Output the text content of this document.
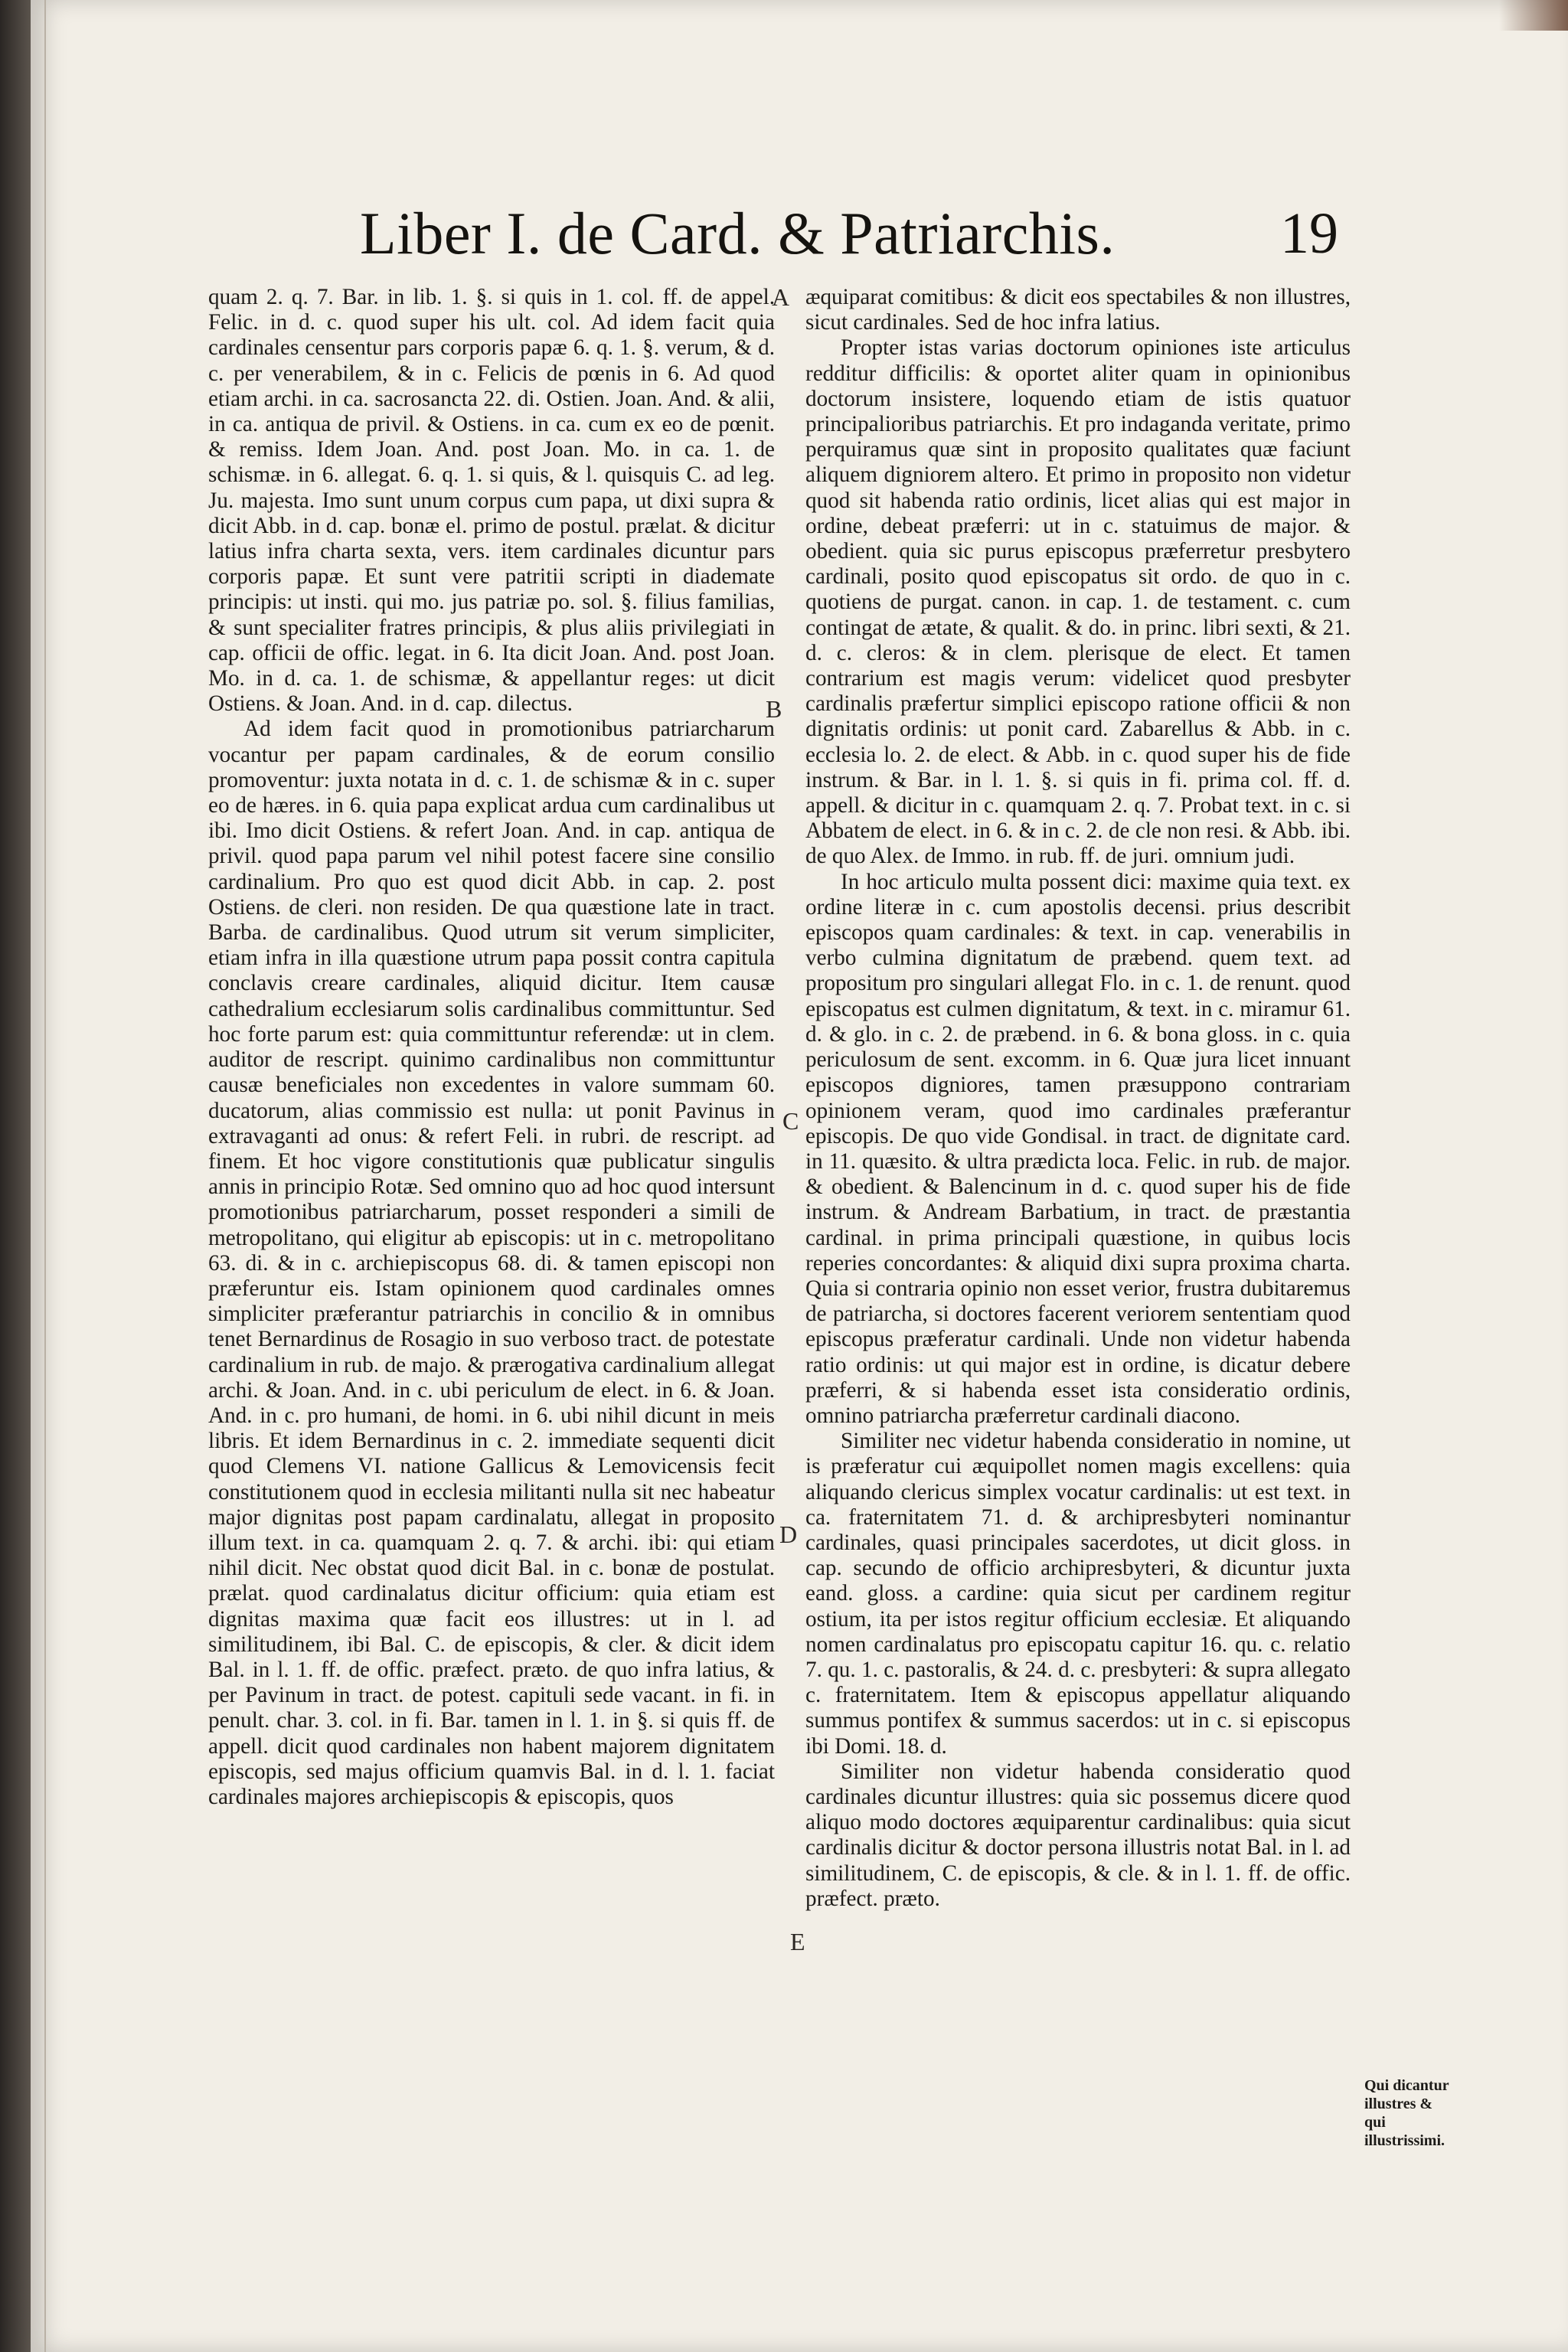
Liber I. de Card. & Patriarchis.	19

quam 2. q. 7. Bar. in lib. 1. §. si quis in 1. col. ff. de appel. Felic. in d. c. quod super his ult. col. Ad idem facit quia cardinales censentur pars corporis papæ 6. q. 1. §. verum, & d. c. per venerabilem, & in c. Felicis de pœnis in 6. Ad quod etiam archi. in ca. sacrosancta 22. di. Ostien. Joan. And. & alii, in ca. antiqua de privil. & Ostiens. in ca. cum ex eo de pœnit. & remiss. Idem Joan. And. post Joan. Mo. in ca. 1. de schismæ. in 6. allegat. 6. q. 1. si quis, & l. quisquis C. ad leg. Ju. majesta. Imo sunt unum corpus cum papa, ut dixi supra & dicit Abb. in d. cap. bonæ el. primo de postul. prælat. & dicitur latius infra charta sexta, vers. item cardinales dicuntur pars corporis papæ. Et sunt vere patritii scripti in diademate principis: ut insti. qui mo. jus patriæ po. sol. §. filius familias, & sunt specialiter fratres principis, & plus aliis privilegiati in cap. officii de offic. legat. in 6. Ita dicit Joan. And. post Joan. Mo. in d. ca. 1. de schismæ, & appellantur reges: ut dicit Ostiens. & Joan. And. in d. cap. dilectus.

Ad idem facit quod in promotionibus patriarcharum vocantur per papam cardinales, & de eorum consilio promoventur: juxta notata in d. c. 1. de schismæ & in c. super eo de hæres. in 6. quia papa explicat ardua cum cardinalibus ut ibi. Imo dicit Ostiens. & refert Joan. And. in cap. antiqua de privil. quod papa parum vel nihil potest facere sine consilio cardinalium. Pro quo est quod dicit Abb. in cap. 2. post Ostiens. de cleri. non residen. De qua quæstione late in tract. Barba. de cardinalibus. Quod utrum sit verum simpliciter, etiam infra in illa quæstione utrum papa possit contra capitula conclavis creare cardinales, aliquid dicitur. Item causæ cathedralium ecclesiarum solis cardinalibus committuntur. Sed hoc forte parum est: quia committuntur referendæ: ut in clem. auditor de rescript. quinimo cardinalibus non committuntur causæ beneficiales non excedentes in valore summam 60. ducatorum, alias commissio est nulla: ut ponit Pavinus in extravaganti ad onus: & refert Feli. in rubri. de rescript. ad finem. Et hoc vigore constitutionis quæ publicatur singulis annis in principio Rotæ. Sed omnino quo ad hoc quod intersunt promotionibus patriarcharum, posset responderi a simili de metropolitano, qui eligitur ab episcopis: ut in c. metropolitano 63. di. & in c. archiepiscopus 68. di. & tamen episcopi non præferuntur eis. Istam opinionem quod cardinales omnes simpliciter præferantur patriarchis in concilio & in omnibus tenet Bernardinus de Rosagio in suo verboso tract. de potestate cardinalium in rub. de majo. & prærogativa cardinalium allegat archi. & Joan. And. in c. ubi periculum de elect. in 6. & Joan. And. in c. pro humani, de homi. in 6. ubi nihil dicunt in meis libris. Et idem Bernardinus in c. 2. immediate sequenti dicit quod Clemens VI. natione Gallicus & Lemovicensis fecit constitutionem quod in ecclesia militanti nulla sit nec habeatur major dignitas post papam cardinalatu, allegat in proposito illum text. in ca. quamquam 2. q. 7. & archi. ibi: qui etiam nihil dicit. Nec obstat quod dicit Bal. in c. bonæ de postulat. prælat. quod cardinalatus dicitur officium: quia etiam est dignitas maxima quæ facit eos illustres: ut in l. ad similitudinem, ibi Bal. C. de episcopis, & cler. & dicit idem Bal. in l. 1. ff. de offic. præfect. præto. de quo infra latius, & per Pavinum in tract. de potest. capituli sede vacant. in fi. in penult. char. 3. col. in fi. Bar. tamen in l. 1. in §. si quis ff. de appell. dicit quod cardinales non habent majorem dignitatem episcopis, sed majus officium quamvis Bal. in d. l. 1. faciat cardinales majores archiepiscopis & episcopis, quos

æquiparat comitibus: & dicit eos spectabiles & non illustres, sicut cardinales. Sed de hoc infra latius.

Propter istas varias doctorum opiniones iste articulus redditur difficilis: & oportet aliter quam in opinionibus doctorum insistere, loquendo etiam de istis quatuor principalioribus patriarchis. Et pro indaganda veritate, primo perquiramus quæ sint in proposito qualitates quæ faciunt aliquem digniorem altero. Et primo in proposito non videtur quod sit habenda ratio ordinis, licet alias qui est major in ordine, debeat præferri: ut in c. statuimus de major. & obedient. quia sic purus episcopus præferretur presbytero cardinali, posito quod episcopatus sit ordo. de quo in c. quotiens de purgat. canon. in cap. 1. de testament. c. cum contingat de ætate, & qualit. & do. in princ. libri sexti, & 21. d. c. cleros: & in clem. plerisque de elect. Et tamen contrarium est magis verum: videlicet quod presbyter cardinalis præfertur simplici episcopo ratione officii & non dignitatis ordinis: ut ponit card. Zabarellus & Abb. in c. ecclesia lo. 2. de elect. & Abb. in c. quod super his de fide instrum. & Bar. in l. 1. §. si quis in fi. prima col. ff. d. appell. & dicitur in c. quamquam 2. q. 7. Probat text. in c. si Abbatem de elect. in 6. & in c. 2. de cle non resi. & Abb. ibi. de quo Alex. de Immo. in rub. ff. de juri. omnium judi.

In hoc articulo multa possent dici: maxime quia text. ex ordine literæ in c. cum apostolis decensi. prius describit episcopos quam cardinales: & text. in cap. venerabilis in verbo culmina dignitatum de præbend. quem text. ad propositum pro singulari allegat Flo. in c. 1. de renunt. quod episcopatus est culmen dignitatum, & text. in c. miramur 61. d. & glo. in c. 2. de præbend. in 6. & bona gloss. in c. quia periculosum de sent. excomm. in 6. Quæ jura licet innuant episcopos digniores, tamen præsuppono contrariam opinionem veram, quod imo cardinales præferantur episcopis. De quo vide Gondisal. in tract. de dignitate card. in 11. quæsito. & ultra prædicta loca. Felic. in rub. de major. & obedient. & Balencinum in d. c. quod super his de fide instrum. & Andream Barbatium, in tract. de præstantia cardinal. in prima principali quæstione, in quibus locis reperies concordantes: & aliquid dixi supra proxima charta. Quia si contraria opinio non esset verior, frustra dubitaremus de patriarcha, si doctores facerent veriorem sententiam quod episcopus præferatur cardinali. Unde non videtur habenda ratio ordinis: ut qui major est in ordine, is dicatur debere præferri, & si habenda esset ista consideratio ordinis, omnino patriarcha præferretur cardinali diacono.

Similiter nec videtur habenda consideratio in nomine, ut is præferatur cui æquipollet nomen magis excellens: quia aliquando clericus simplex vocatur cardinalis: ut est text. in ca. fraternitatem 71. d. & archipresbyteri nominantur cardinales, quasi principales sacerdotes, ut dicit gloss. in cap. secundo de officio archipresbyteri, & dicuntur juxta eand. gloss. a cardine: quia sicut per cardinem regitur ostium, ita per istos regitur officium ecclesiæ. Et aliquando nomen cardinalatus pro episcopatu capitur 16. qu. c. relatio 7. qu. 1. c. pastoralis, & 24. d. c. presbyteri: & supra allegato c. fraternitatem. Item & episcopus appellatur aliquando summus pontifex & summus sacerdos: ut in c. si episcopus ibi Domi. 18. d.

Similiter non videtur habenda consideratio quod cardinales dicuntur illustres: quia sic possemus dicere quod aliquo modo doctores æquiparentur cardinalibus: quia sicut cardinalis dicitur & doctor persona illustris notat Bal. in l. ad similitudinem, C. de episcopis, & cle. & in l. 1. ff. de offic. præfect. præto.

A
B
C
D
E
Qui dicantur illustres & qui illustrissimi.
